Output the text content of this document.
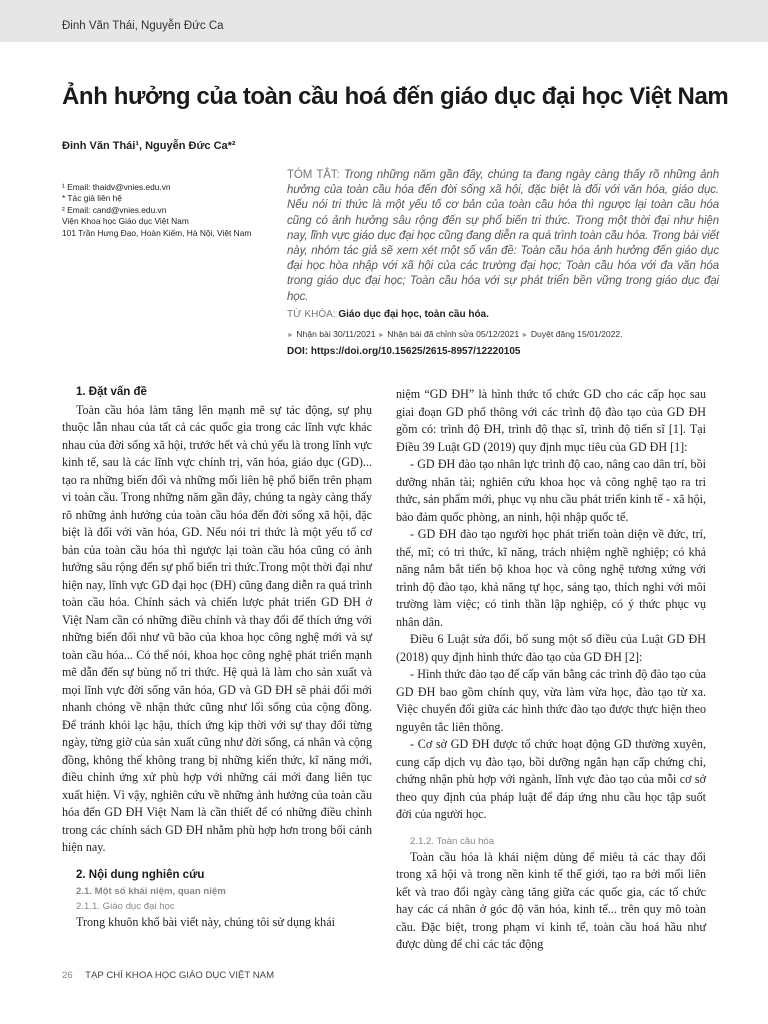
Đinh Văn Thái, Nguyễn Đức Ca
Ảnh hưởng của toàn cầu hoá đến giáo dục đại học Việt Nam
Đinh Văn Thái¹, Nguyễn Đức Ca*²
¹ Email: thaidv@vnies.edu.vn
* Tác giả liên hệ
² Email: cand@vnies.edu.vn
Viện Khoa học Giáo dục Việt Nam
101 Trần Hưng Đạo, Hoàn Kiếm, Hà Nội, Việt Nam
TÓM TẮT: Trong những năm gần đây, chúng ta đang ngày càng thấy rõ những ảnh hưởng của toàn cầu hóa đến đời sống xã hội, đặc biệt là đối với văn hóa, giáo dục. Nếu nói tri thức là một yếu tố cơ bản của toàn cầu hóa thì ngược lại toàn cầu hóa cũng có ảnh hưởng sâu rộng đến sự phổ biến tri thức. Trong một thời đại như hiện nay, lĩnh vực giáo dục đại học cũng đang diễn ra quá trình toàn cầu hóa. Trong bài viết này, nhóm tác giả sẽ xem xét một số vấn đề: Toàn cầu hóa ảnh hưởng đến giáo dục đại học hòa nhập với xã hội của các trường đại học; Toàn cầu hóa với đa văn hóa trong giáo dục đại học; Toàn cầu hóa với sự phát triển bền vững trong giáo dục đại học.
TỪ KHÓA: Giáo dục đại học, toàn cầu hóa.
► Nhận bài 30/11/2021 ► Nhận bài đã chỉnh sửa 05/12/2021 ► Duyệt đăng 15/01/2022.
DOI: https://doi.org/10.15625/2615-8957/12220105

1. Đặt vấn đề

Toàn cầu hóa làm tăng lên mạnh mẽ sự tác động, sự phụ thuộc lẫn nhau của tất cả các quốc gia trong các lĩnh vực khác nhau của đời sống xã hội, trước hết và chủ yếu là trong lĩnh vực kinh tế, sau là các lĩnh vực chính trị, văn hóa, giáo dục (GD)... tạo ra những biến đổi và những mối liên hệ phổ biến trên phạm vi toàn cầu. Trong những năm gần đây, chúng ta ngày càng thấy rõ những ảnh hưởng của toàn cầu hóa đến đời sống xã hội, đặc biệt là đối với văn hóa, GD. Nếu nói tri thức là một yếu tố cơ bản của toàn cầu hóa thì ngược lại toàn cầu hóa cũng có ảnh hưởng sâu rộng đến sự phổ biến tri thức.Trong một thời đại như hiện nay, lĩnh vực GD đại học (ĐH) cũng đang diễn ra quá trình toàn cầu hóa. Chính sách và chiến lược phát triển GD ĐH ở Việt Nam cần có những điều chỉnh và thay đổi để thích ứng với những biến đổi như vũ bão của khoa học công nghệ mới và sự toàn cầu hóa... Có thể nói, khoa học công nghệ phát triển mạnh mẽ dẫn đến sự bùng nổ tri thức. Hệ quả là làm cho sản xuất và mọi lĩnh vực đời sống văn hóa, GD và GD ĐH sẽ phải đổi mới nhanh chóng về nhận thức cũng như lối sống của cộng đồng. Để tránh khỏi lạc hậu, thích ứng kịp thời với sự thay đổi từng ngày, từng giờ của sản xuất cũng như đời sống, cá nhân và cộng đồng, không thể không trang bị những kiến thức, kĩ năng mới, điều chỉnh ứng xử phù hợp với những cái mới đang liên tục xuất hiện. Vì vậy, nghiên cứu về những ảnh hưởng của toàn cầu hóa đến GD ĐH Việt Nam là cần thiết để có những điều chỉnh trong các chính sách GD ĐH nhằm phù hợp hơn trong bối cảnh hiện nay.

2. Nội dung nghiên cứu

2.1. Một số khái niệm, quan niệm

2.1.1. Giáo dục đại học

Trong khuôn khổ bài viết này, chúng tôi sử dụng khái

niệm “GD ĐH” là hình thức tổ chức GD cho các cấp học sau giai đoạn GD phổ thông với các trình độ đào tạo của GD ĐH gồm có: trình độ ĐH, trình độ thạc sĩ, trình độ tiến sĩ [1]. Tại Điều 39 Luật GD (2019) quy định mục tiêu của GD ĐH [1]:

- GD ĐH đào tạo nhân lực trình độ cao, nâng cao dân trí, bồi dưỡng nhân tài; nghiên cứu khoa học và công nghệ tạo ra tri thức, sản phẩm mới, phục vụ nhu cầu phát triển kinh tế - xã hội, bảo đảm quốc phòng, an ninh, hội nhập quốc tế.

- GD ĐH đào tạo người học phát triển toàn diện về đức, trí, thể, mĩ; có tri thức, kĩ năng, trách nhiệm nghề nghiệp; có khả năng nắm bắt tiến bộ khoa học và công nghệ tương xứng với trình độ đào tạo, khả năng tự học, sáng tạo, thích nghi với môi trường làm việc; có tinh thần lập nghiệp, có ý thức phục vụ nhân dân.

Điều 6 Luật sửa đổi, bổ sung một số điều của Luật GD ĐH (2018) quy định hình thức đào tạo của GD ĐH [2]:

- Hình thức đào tạo để cấp văn bằng các trình độ đào tạo của GD ĐH bao gồm chính quy, vừa làm vừa học, đào tạo từ xa. Việc chuyển đổi giữa các hình thức đào tạo được thực hiện theo nguyên tắc liên thông.

- Cơ sở GD ĐH được tổ chức hoạt động GD thường xuyên, cung cấp dịch vụ đào tạo, bồi dưỡng ngắn hạn cấp chứng chỉ, chứng nhận phù hợp với ngành, lĩnh vực đào tạo của mỗi cơ sở theo quy định của pháp luật để đáp ứng nhu cầu học tập suốt đời của người học.

2.1.2. Toàn cầu hóa

Toàn cầu hóa là khái niệm dùng để miêu tả các thay đổi trong xã hội và trong nền kinh tế thế giới, tạo ra bởi mối liên kết và trao đổi ngày càng tăng giữa các quốc gia, các tổ chức hay các cá nhân ở góc độ văn hóa, kinh tế... trên quy mô toàn cầu. Đặc biệt, trong phạm vi kinh tế, toàn cầu hoá hầu như được dùng để chỉ các tác động

26 TẠP CHÍ KHOA HỌC GIÁO DỤC VIỆT NAM
